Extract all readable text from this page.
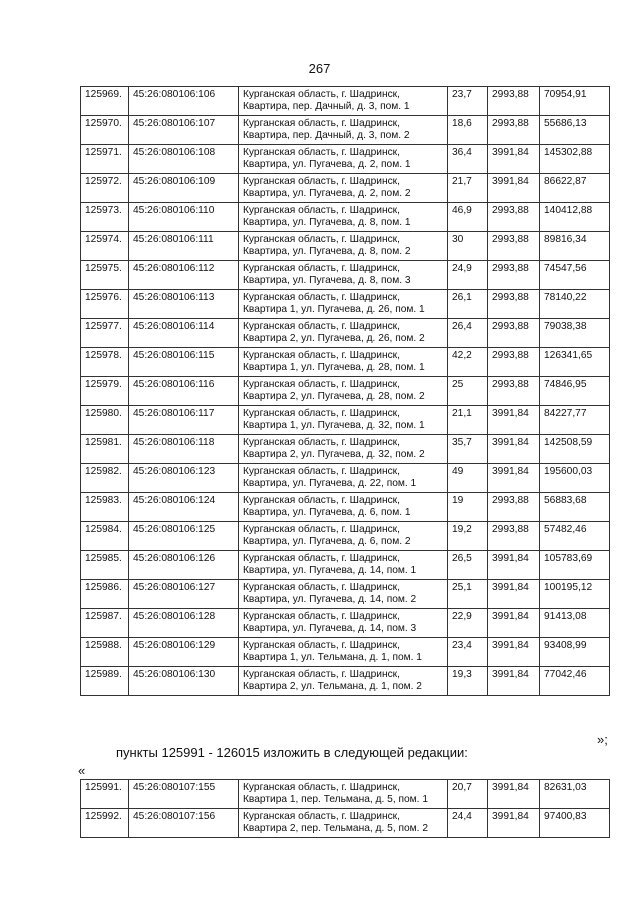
267
125969.	45:26:080106:106	Курганская область, г. Шадринск,
Квартира, пер. Дачный, д. 3, пом. 1	23,7	2993,88	70954,91
125970.	45:26:080106:107	Курганская область, г. Шадринск,
Квартира, пер. Дачный, д. 3, пом. 2	18,6	2993,88	55686,13
125971.	45:26:080106:108	Курганская область, г. Шадринск,
Квартира, ул. Пугачева, д. 2, пом. 1	36,4	3991,84	145302,88
125972.	45:26:080106:109	Курганская область, г. Шадринск,
Квартира, ул. Пугачева, д. 2, пом. 2	21,7	3991,84	86622,87
125973.	45:26:080106:110	Курганская область, г. Шадринск,
Квартира, ул. Пугачева, д. 8, пом. 1	46,9	2993,88	140412,88
125974.	45:26:080106:111	Курганская область, г. Шадринск,
Квартира, ул. Пугачева, д. 8, пом. 2	30	2993,88	89816,34
125975.	45:26:080106:112	Курганская область, г. Шадринск,
Квартира, ул. Пугачева, д. 8, пом. 3	24,9	2993,88	74547,56
125976.	45:26:080106:113	Курганская область, г. Шадринск,
Квартира 1, ул. Пугачева, д. 26, пом. 1	26,1	2993,88	78140,22
125977.	45:26:080106:114	Курганская область, г. Шадринск,
Квартира 2, ул. Пугачева, д. 26, пом. 2	26,4	2993,88	79038,38
125978.	45:26:080106:115	Курганская область, г. Шадринск,
Квартира 1, ул. Пугачева, д. 28, пом. 1	42,2	2993,88	126341,65
125979.	45:26:080106:116	Курганская область, г. Шадринск,
Квартира 2, ул. Пугачева, д. 28, пом. 2	25	2993,88	74846,95
125980.	45:26:080106:117	Курганская область, г. Шадринск,
Квартира 1, ул. Пугачева, д. 32, пом. 1	21,1	3991,84	84227,77
125981.	45:26:080106:118	Курганская область, г. Шадринск,
Квартира 2, ул. Пугачева, д. 32, пом. 2	35,7	3991,84	142508,59
125982.	45:26:080106:123	Курганская область, г. Шадринск,
Квартира, ул. Пугачева, д. 22, пом. 1	49	3991,84	195600,03
125983.	45:26:080106:124	Курганская область, г. Шадринск,
Квартира, ул. Пугачева, д. 6, пом. 1	19	2993,88	56883,68
125984.	45:26:080106:125	Курганская область, г. Шадринск,
Квартира, ул. Пугачева, д. 6, пом. 2	19,2	2993,88	57482,46
125985.	45:26:080106:126	Курганская область, г. Шадринск,
Квартира, ул. Пугачева, д. 14, пом. 1	26,5	3991,84	105783,69
125986.	45:26:080106:127	Курганская область, г. Шадринск,
Квартира, ул. Пугачева, д. 14, пом. 2	25,1	3991,84	100195,12
125987.	45:26:080106:128	Курганская область, г. Шадринск,
Квартира, ул. Пугачева, д. 14, пом. 3	22,9	3991,84	91413,08
125988.	45:26:080106:129	Курганская область, г. Шадринск,
Квартира 1, ул. Тельмана, д. 1, пом. 1	23,4	3991,84	93408,99
125989.	45:26:080106:130	Курганская область, г. Шадринск,
Квартира 2, ул. Тельмана, д. 1, пом. 2	19,3	3991,84	77042,46
»;
пункты 125991 - 126015 изложить в следующей редакции:
«
125991.	45:26:080107:155	Курганская область, г. Шадринск,
Квартира 1, пер. Тельмана, д. 5, пом. 1	20,7	3991,84	82631,03
125992.	45:26:080107:156	Курганская область, г. Шадринск,
Квартира 2, пер. Тельмана, д. 5, пом. 2	24,4	3991,84	97400,83
